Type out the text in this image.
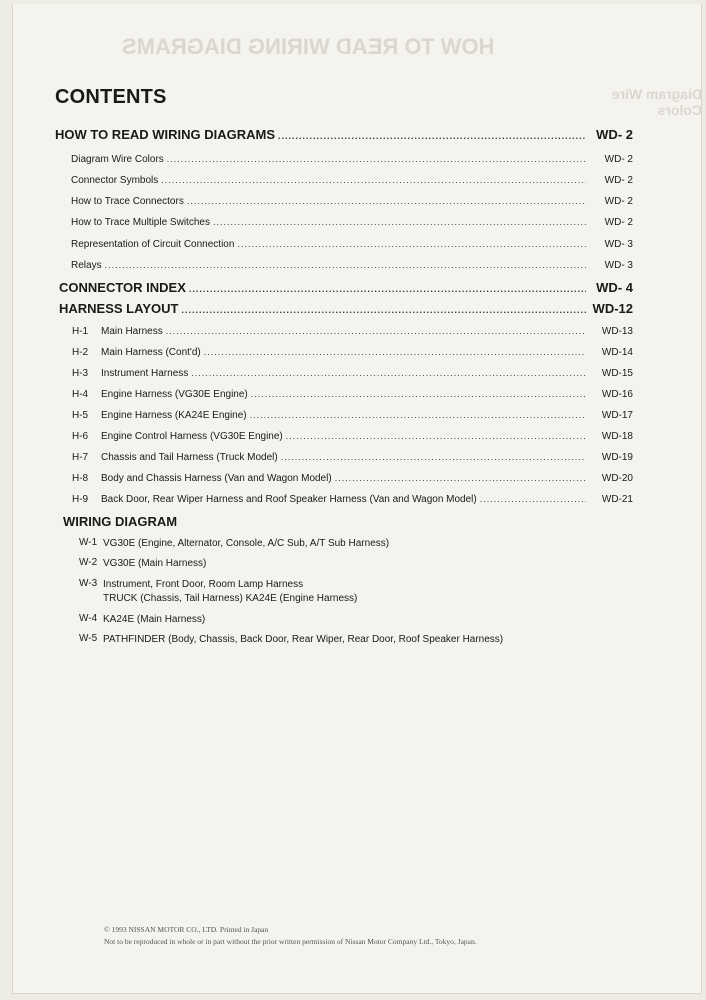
HOW TO READ WIRING DIAGRAMS
Diagram Wire Colors
CONTENTS
HOW TO READ WIRING DIAGRAMS .....	WD- 2
Diagram Wire Colors .....	WD- 2
Connector Symbols .....	WD- 2
How to Trace Connectors .....	WD- 2
How to Trace Multiple Switches .....	WD- 2
Representation of Circuit Connection .....	WD- 3
Relays .....	WD- 3
CONNECTOR INDEX .....	WD- 4
HARNESS LAYOUT .....	WD-12
H-1 Main Harness .....	WD-13
H-2 Main Harness (Cont'd) .....	WD-14
H-3 Instrument Harness .....	WD-15
H-4 Engine Harness (VG30E Engine) .....	WD-16
H-5 Engine Harness (KA24E Engine) .....	WD-17
H-6 Engine Control Harness (VG30E Engine) .....	WD-18
H-7 Chassis and Tail Harness (Truck Model) .....	WD-19
H-8 Body and Chassis Harness (Van and Wagon Model) .....	WD-20
H-9 Back Door, Rear Wiper Harness and Roof Speaker Harness (Van and Wagon Model) .....	WD-21
WIRING DIAGRAM
W-1 VG30E (Engine, Alternator, Console, A/C Sub, A/T Sub Harness)
W-2 VG30E (Main Harness)
W-3 Instrument, Front Door, Room Lamp Harness
TRUCK (Chassis, Tail Harness) KA24E (Engine Harness)
W-4 KA24E (Main Harness)
W-5 PATHFINDER (Body, Chassis, Back Door, Rear Wiper, Rear Door, Roof Speaker Harness)
© 1993 NISSAN MOTOR CO., LTD. Printed in Japan
Not to be reproduced in whole or in part without the prior written permission of Nissan Motor Company Ltd., Tokyo, Japan.
